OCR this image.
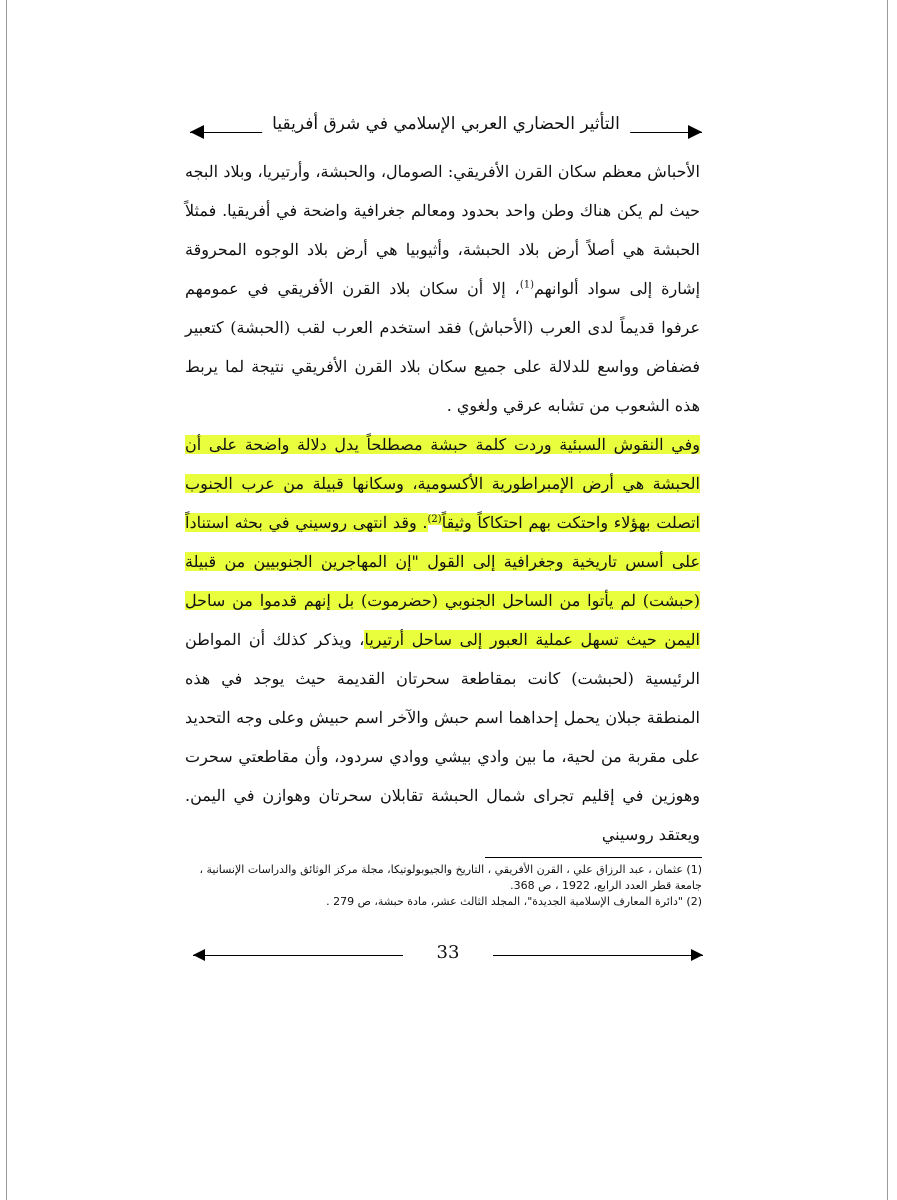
التأثير الحضاري العربي الإسلامي في شرق أفريقيا

الأحباش معظم سكان القرن الأفريقي: الصومال، والحبشة، وأرتيريا، وبلاد البجه حيث لم يكن هناك وطن واحد بحدود ومعالم جغرافية واضحة في أفريقيا. فمثلاً الحبشة هي أصلاً أرض بلاد الحبشة، وأثيوبيا هي أرض بلاد الوجوه المحروقة إشارة إلى سواد ألوانهم$^{(1)}$، إلا أن سكان بلاد القرن الأفريقي في عمومهم عرفوا قديماً لدى العرب (الأحباش) فقد استخدم العرب لقب (الحبشة) كتعبير فضفاض وواسع للدلالة على جميع سكان بلاد القرن الأفريقي نتيجة لما يربط هذه الشعوب من تشابه عرقي ولغوي .

وفي النقوش السبئية وردت كلمة حبشة مصطلحاً يدل دلالة واضحة على أن الحبشة هي أرض الإمبراطورية الأكسومية، وسكانها قبيلة من عرب الجنوب اتصلت بهؤلاء واحتكت بهم احتكاكاً وثيقاً$^{(2)}$. وقد انتهى روسيني في بحثه استناداً على أسس تاريخية وجغرافية إلى القول "إن المهاجرين الجنوبيين من قبيلة (حبشت) لم يأتوا من الساحل الجنوبي (حضرموت) بل إنهم قدموا من ساحل اليمن حيث تسهل عملية العبور إلى ساحل أرتيريا، ويذكر كذلك أن المواطن الرئيسية (لحبشت) كانت بمقاطعة سحرتان القديمة حيث يوجد في هذه المنطقة جبلان يحمل إحداهما اسم حبش والآخر اسم حبيش وعلى وجه التحديد على مقربة من لحية، ما بين وادي بيشي ووادي سردود، وأن مقاطعتي سحرت وهوزين في إقليم تجراى شمال الحبشة تقابلان سحرتان وهوازن في اليمن. ويعتقد روسيني

(1) عثمان ، عبد الرزاق علي ، القرن الأفريقي ، التاريخ والجيوبولوتيكا، مجلة مركز الوثائق والدراسات الإنسانية ، جامعة قطر العدد الرابع، 1922 ، ص 368.
(2) "دائرة المعارف الإسلامية الجديدة"، المجلد الثالث عشر، مادة حبشة، ص 279 .
33
